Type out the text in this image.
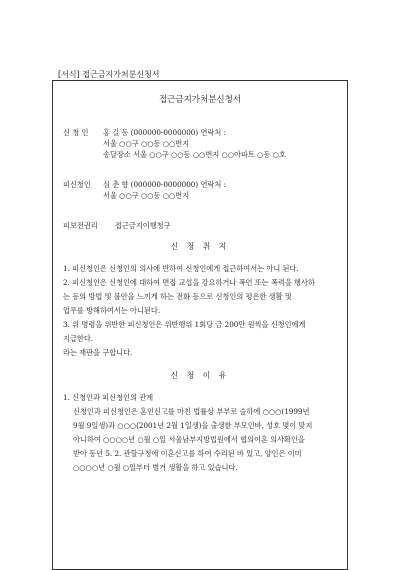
[서식] 접근금지가처분신청서
접근금지가처분신청서
신 청 인 홍 길 동 (000000-0000000) 연락처 :
서울 ○○구 ○○동 ○○번지
송달장소 서울 ○○구 ○○동 ○○번지 ○○아파트 ○동 ○호
피신청인 심 춘 향 (000000-0000000) 연락처 :
서울 ○○구 ○○동 ○○번지
피보전권리 접근금지이행청구
신 청 취 지
1. 피신청인은 신청인의 의사에 반하여 신청인에게 접근하여서는 아니 된다.
2. 피신청인은 신청인에 대하여 면접 교섭을 강요하거나 폭언 또는 폭력을 행사하
는 등의 방법 및 불안을 느끼게 하는 전화 등으로 신청인의 평온한 생활 및
업무를 방해하여서는 아니된다.
3. 위 명령을 위반한 피신청인은 위반행위 1회당 금 200만 원씩을 신청인에게
지급한다.
라는 재판을 구합니다.
신 청 이 유
1. 신청인과 피신청인의 관계
신청인과 피신청인은 혼인신고를 마친 법률상 부부로 슬하에 ○○○(1999년
9월 9일생)과 ○○○(2001년 2월 1일생)을 출생한 부모인바, 성호 몇이 맞지
아니하여 ○○○○년 ○월 ○일 서울남부지방법원에서 협의이혼 의사확인을
받아 동년 5. 2. 관할구청에 이혼신고를 하여 수리된 바 있고, 양인은 이미
○○○○년 ○월 ○일부터 별거 생활을 하고 있습니다.
